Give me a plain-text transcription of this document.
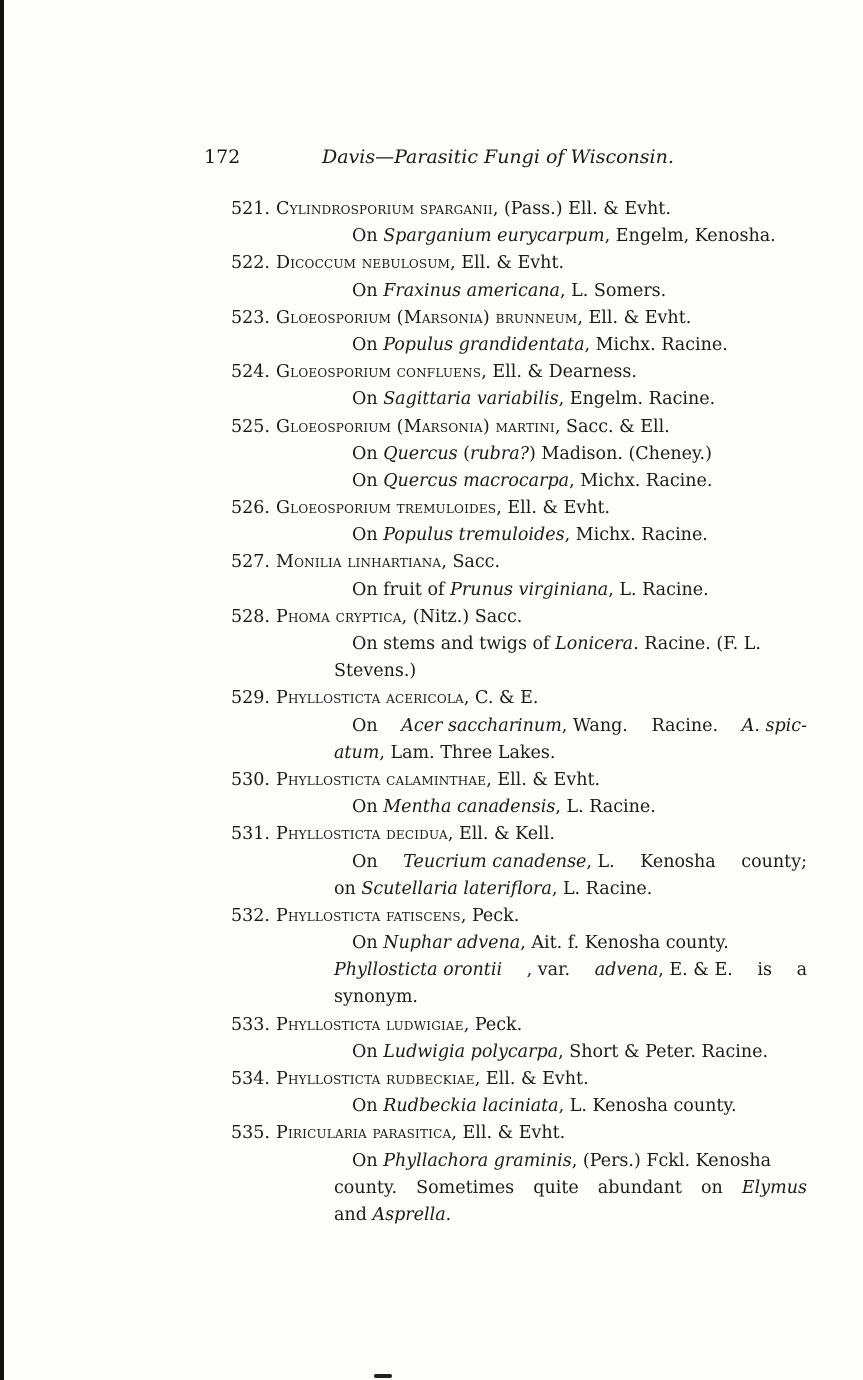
172	Davis—Parasitic Fungi of Wisconsin.
521. Cylindrosporium sparganii, (Pass.) Ell. & Evht.
On Sparganium eurycarpum, Engelm, Kenosha.
522. Dicoccum nebulosum, Ell. & Evht.
On Fraxinus americana, L. Somers.
523. Gloeosporium (Marsonia) brunneum, Ell. & Evht.
On Populus grandidentata, Michx. Racine.
524. Gloeosporium confluens, Ell. & Dearness.
On Sagittaria variabilis, Engelm. Racine.
525. Gloeosporium (Marsonia) martini, Sacc. & Ell.
On Quercus (rubra?) Madison. (Cheney.)
On Quercus macrocarpa, Michx. Racine.
526. Gloeosporium tremuloides, Ell. & Evht.
On Populus tremuloides, Michx. Racine.
527. Monilia linhartiana, Sacc.
On fruit of Prunus virginiana, L. Racine.
528. Phoma cryptica, (Nitz.) Sacc.
On stems and twigs of Lonicera. Racine. (F. L.
Stevens.)
529. Phyllosticta acericola, C. & E.
On Acer saccharinum, Wang. Racine. A. spic-
atum, Lam. Three Lakes.
530. Phyllosticta calaminthae, Ell. & Evht.
On Mentha canadensis, L. Racine.
531. Phyllosticta decidua, Ell. & Kell.
On Teucrium canadense, L. Kenosha county;
on Scutellaria lateriflora, L. Racine.
532. Phyllosticta fatiscens, Peck.
On Nuphar advena, Ait. f. Kenosha county.
Phyllosticta orontii , var. advena, E. & E. is a
synonym.
533. Phyllosticta ludwigiae, Peck.
On Ludwigia polycarpa, Short & Peter. Racine.
534. Phyllosticta rudbeckiae, Ell. & Evht.
On Rudbeckia laciniata, L. Kenosha county.
535. Piricularia parasitica, Ell. & Evht.
On Phyllachora graminis, (Pers.) Fckl. Kenosha
county. Sometimes quite abundant on Elymus
and Asprella.
